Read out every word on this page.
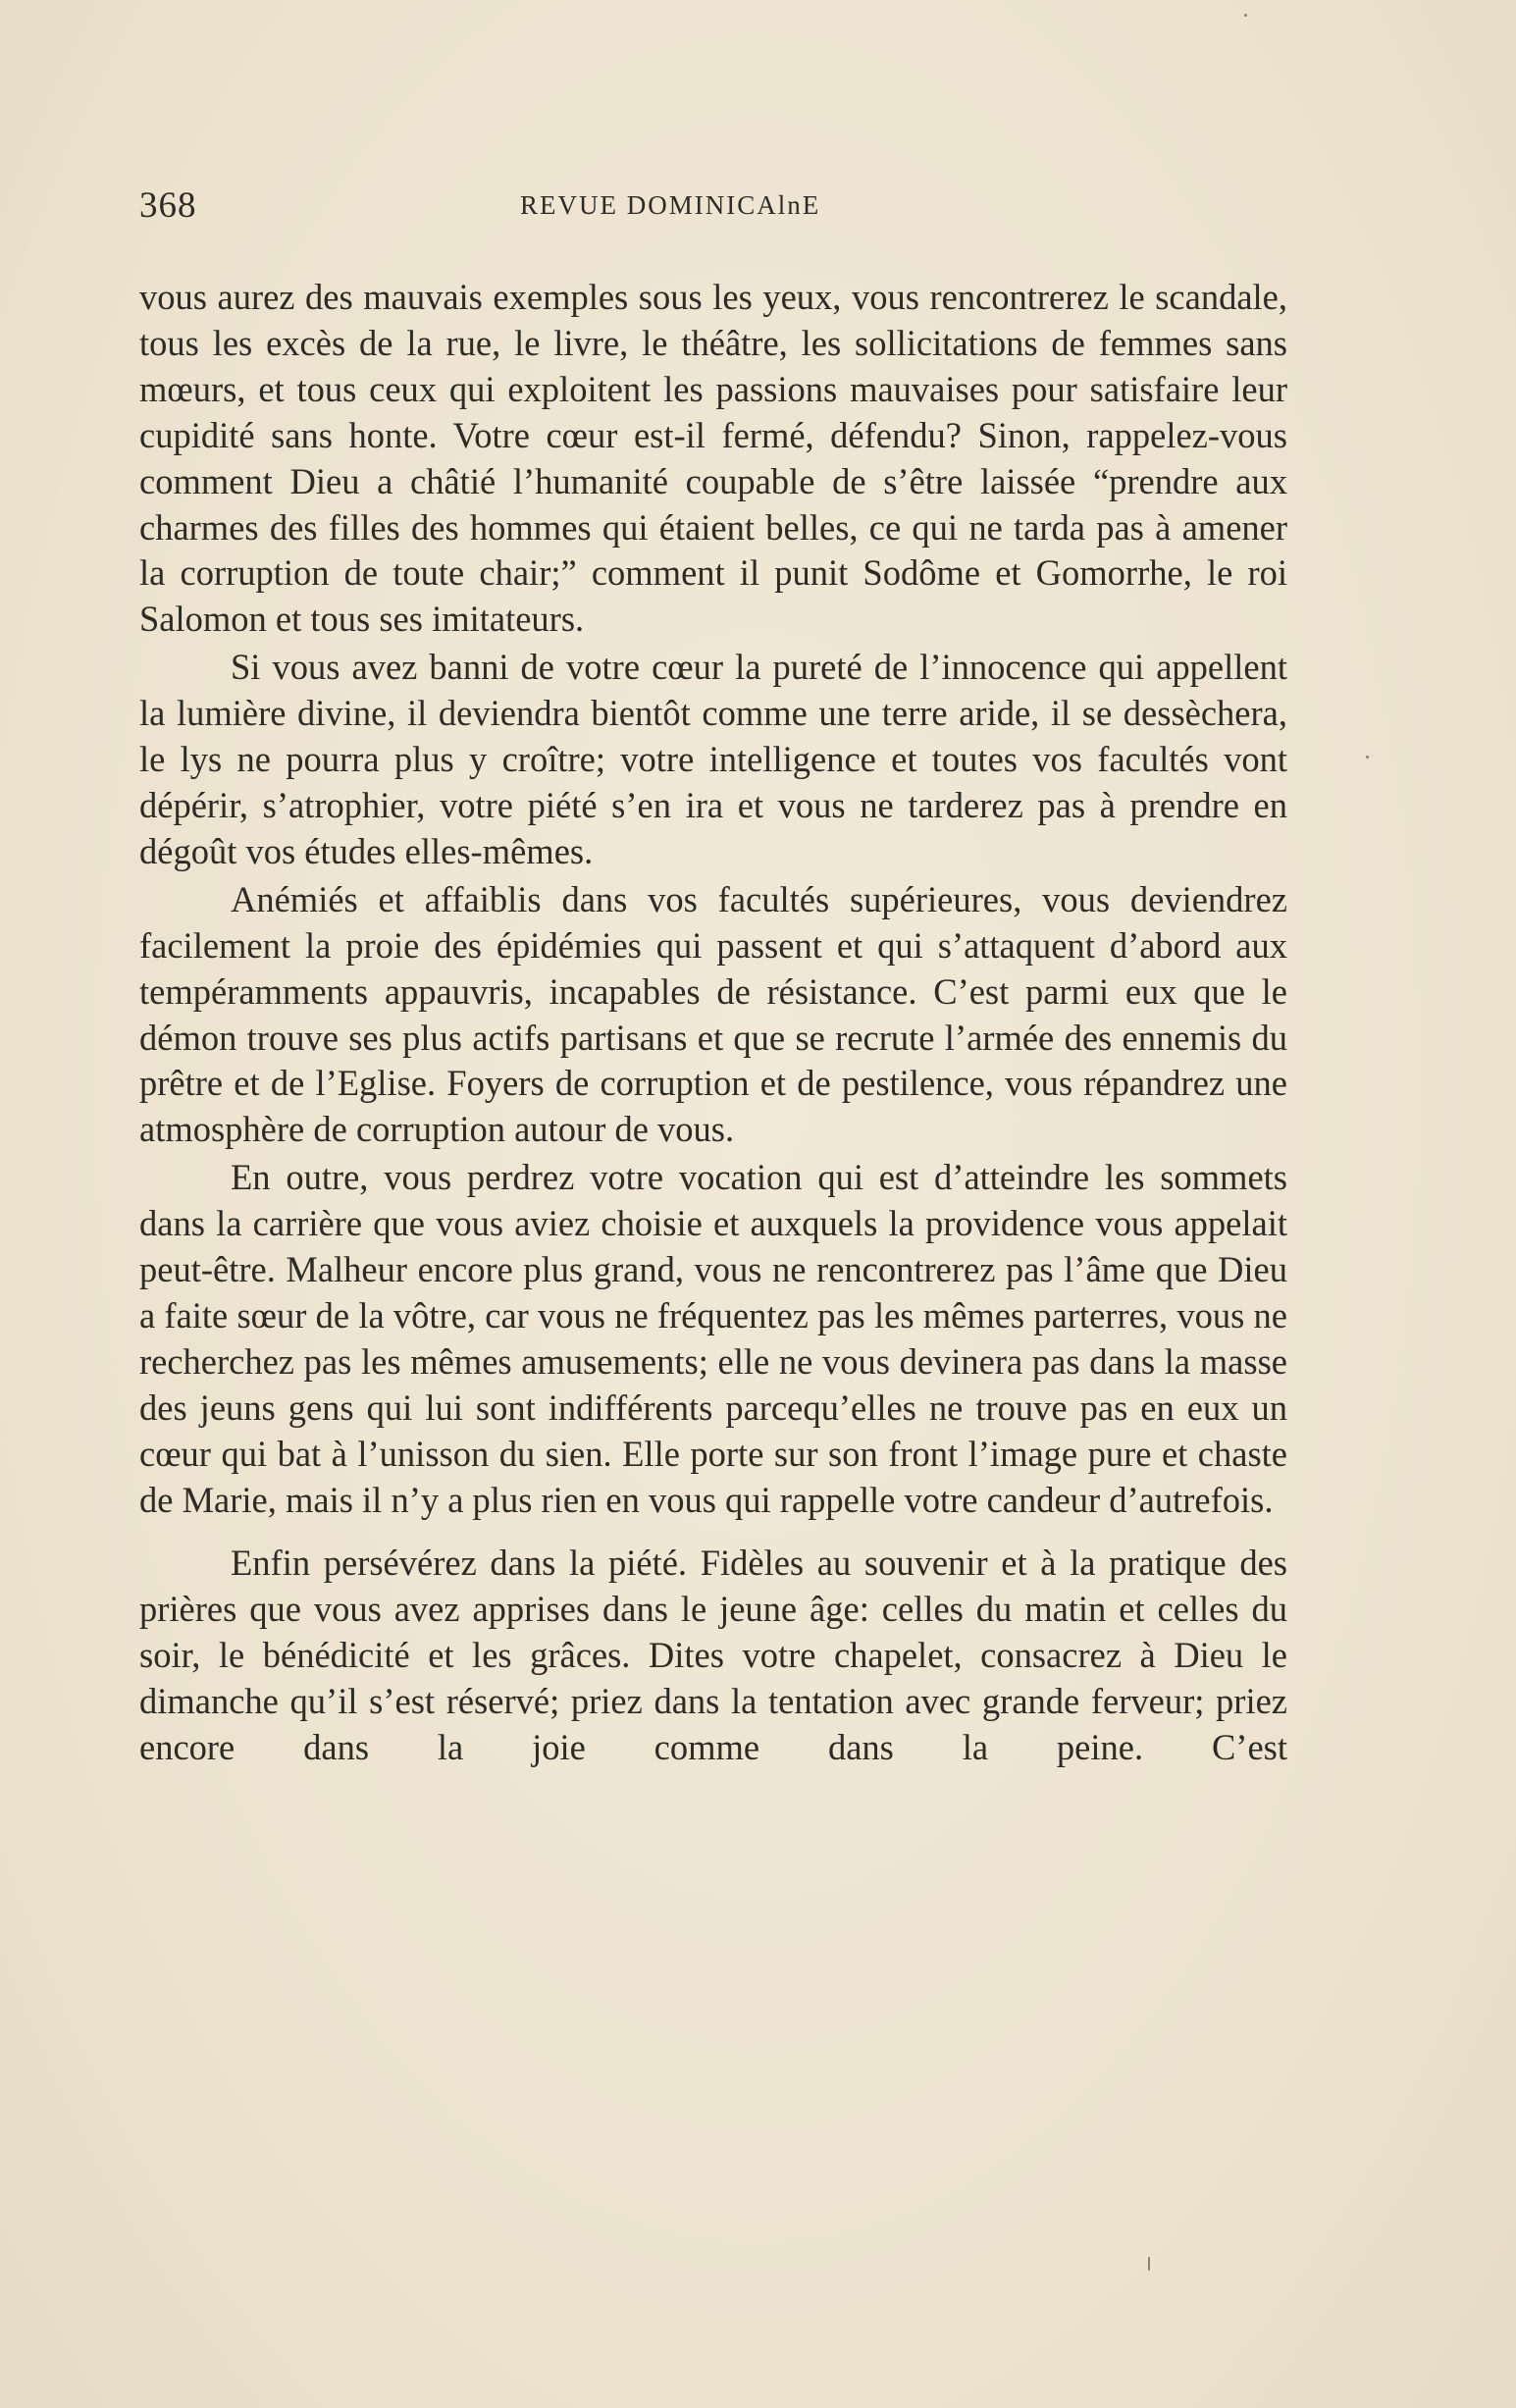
368	REVUE DOMINICAlnE

vous aurez des mauvais exemples sous les yeux, vous rencontrerez le scandale, tous les excès de la rue, le livre, le théâtre, les sollicitations de femmes sans mœurs, et tous ceux qui exploitent les passions mauvaises pour satisfaire leur cupidité sans honte. Votre cœur est-il fermé, défendu? Sinon, rappelez-vous comment Dieu a châtié l’humanité coupable de s’être laissée “prendre aux charmes des filles des hommes qui étaient belles, ce qui ne tarda pas à amener la corruption de toute chair;” comment il punit Sodôme et Gomorrhe, le roi Salomon et tous ses imitateurs.

Si vous avez banni de votre cœur la pureté de l’innocence qui appellent la lumière divine, il deviendra bientôt comme une terre aride, il se dessèchera, le lys ne pourra plus y croître; votre intelligence et toutes vos facultés vont dépérir, s’atrophier, votre piété s’en ira et vous ne tarderez pas à prendre en dégoût vos études elles-mêmes.

Anémiés et affaiblis dans vos facultés supérieures, vous deviendrez facilement la proie des épidémies qui passent et qui s’attaquent d’abord aux tempéramments appauvris, incapables de résistance. C’est parmi eux que le démon trouve ses plus actifs partisans et que se recrute l’armée des ennemis du prêtre et de l’Eglise. Foyers de corruption et de pestilence, vous répandrez une atmosphère de corruption autour de vous.

En outre, vous perdrez votre vocation qui est d’atteindre les sommets dans la carrière que vous aviez choisie et auxquels la providence vous appelait peut-être. Malheur encore plus grand, vous ne rencontrerez pas l’âme que Dieu a faite sœur de la vôtre, car vous ne fréquentez pas les mêmes parterres, vous ne recherchez pas les mêmes amusements; elle ne vous devinera pas dans la masse des jeuns gens qui lui sont indifférents parcequ’elles ne trouve pas en eux un cœur qui bat à l’unisson du sien. Elle porte sur son front l’image pure et chaste de Marie, mais il n’y a plus rien en vous qui rappelle votre candeur d’autrefois.

Enfin persévérez dans la piété. Fidèles au souvenir et à la pratique des prières que vous avez apprises dans le jeune âge: celles du matin et celles du soir, le bénédicité et les grâces. Dites votre chapelet, consacrez à Dieu le dimanche qu’il s’est réservé; priez dans la tentation avec grande ferveur; priez encore dans la joie comme dans la peine. C’est
